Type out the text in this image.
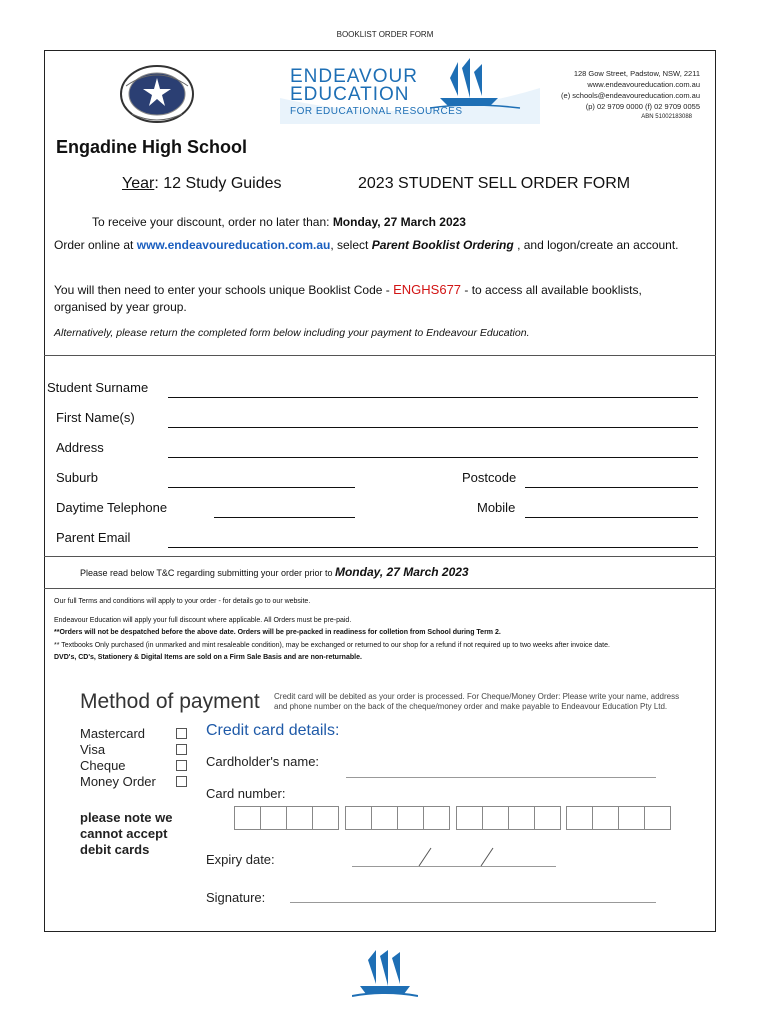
BOOKLIST ORDER FORM
ENDEAVOUR
EDUCATION
FOR EDUCATIONAL RESOURCES
128 Gow Street, Padstow, NSW, 2211
www.endeavoureducation.com.au
(e) schools@endeavoureducation.com.au
(p) 02 9709 0000 (f) 02 9709 0055
ABN 51002183088
Engadine High School
Year: 12 Study Guides	2023 STUDENT SELL ORDER FORM
To receive your discount, order no later than: Monday, 27 March 2023
Order online at www.endeavoureducation.com.au, select Parent Booklist Ordering , and logon/create an account.
You will then need to enter your schools unique Booklist Code - ENGHS677 - to access all available booklists, organised by year group.
Alternatively, please return the completed form below including your payment to Endeavour Education.
Student Surname
First Name(s)
Address
Suburb	Postcode
Daytime Telephone	Mobile
Parent Email
Please read below T&C regarding submitting your order prior to Monday, 27 March 2023
Our full Terms and conditions will apply to your order - for details go to our website.
Endeavour Education will apply your full discount where applicable. All Orders must be pre-paid.
**Orders will not be despatched before the above date. Orders will be pre-packed in readiness for colletion from School during Term 2.
** Textbooks Only purchased (in unmarked and mint resaleable condition), may be exchanged or returned to our shop for a refund if not required up to two weeks after invoice date.
DVD's, CD's, Stationery & Digital Items are sold on a Firm Sale Basis and are non-returnable.
Method of payment Credit card will be debited as your order is processed. For Cheque/Money Order: Please write your name, address and phone number on the back of the cheque/money order and make payable to Endeavour Education Pty Ltd.
Credit card details:
Mastercard
Visa
Cheque
Money Order
please note we cannot accept debit cards
Cardholder's name:
Card number:
Expiry date:
Signature:
